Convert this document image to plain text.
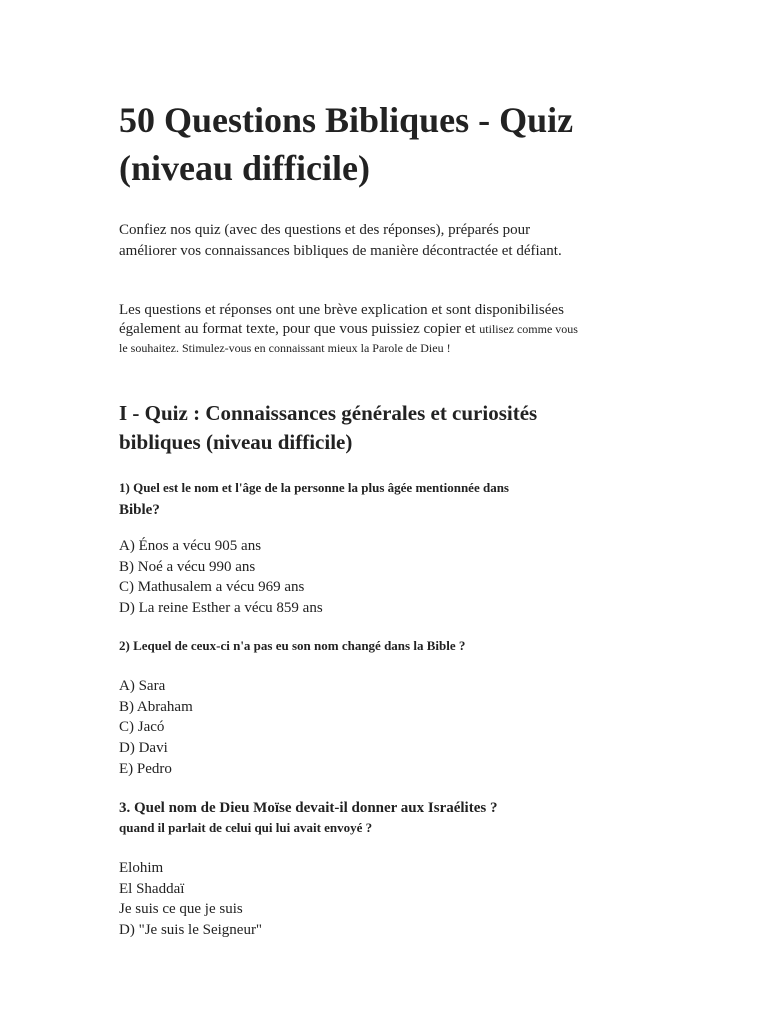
50 Questions Bibliques - Quiz (niveau difficile)

Confiez nos quiz (avec des questions et des réponses), préparés pour améliorer vos connaissances bibliques de manière décontractée et défiant.

Les questions et réponses ont une brève explication et sont disponibilisées également au format texte, pour que vous puissiez copier et utilisez comme vous le souhaitez. Stimulez-vous en connaissant mieux la Parole de Dieu !

I - Quiz : Connaissances générales et curiosités bibliques (niveau difficile)

1) Quel est le nom et l'âge de la personne la plus âgée mentionnée dans
Bible?

A) Énos a vécu 905 ans
B) Noé a vécu 990 ans
C) Mathusalem a vécu 969 ans
D) La reine Esther a vécu 859 ans

2) Lequel de ceux-ci n'a pas eu son nom changé dans la Bible ?

A) Sara
B) Abraham
C) Jacó
D) Davi
E) Pedro

3. Quel nom de Dieu Moïse devait-il donner aux Israélites ?
quand il parlait de celui qui lui avait envoyé ?

Elohim
El Shaddaï
Je suis ce que je suis
D) "Je suis le Seigneur"
